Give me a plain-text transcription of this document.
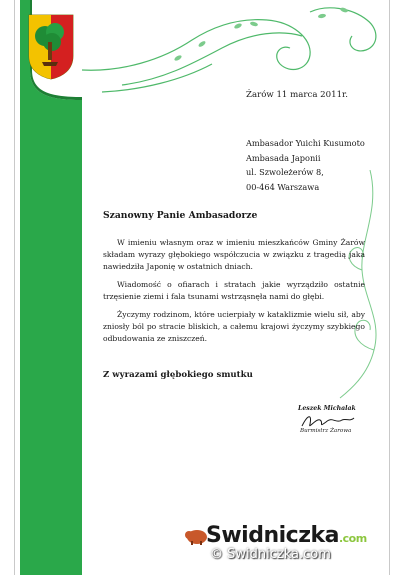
Żarów 11 marca 2011r.
Ambasador Yuichi Kusumoto
Ambasada Japonii
ul. Szwoleżerów 8,
00-464 Warszawa
Szanowny Panie Ambasadorze

W imieniu własnym oraz w imieniu mieszkańców Gminy Żarów składam wyrazy głębokiego współczucia w związku z tragedią jaka nawiedziła Japonię w ostatnich dniach.

Wiadomość o ofiarach i stratach jakie wyrządziło ostatnie trzęsienie ziemi i fala tsunami wstrząsnęła nami do głębi.

Życzymy rodzinom, które ucierpiały w kataklizmie wielu sił, aby zniosły ból po stracie bliskich, a całemu krajowi życzymy szybkiego odbudowania ze zniszczeń.

Z wyrazami głębokiego smutku
Leszek Michalak
Burmistrz Żarowa
Swidniczka.com
© Swidniczka.com
